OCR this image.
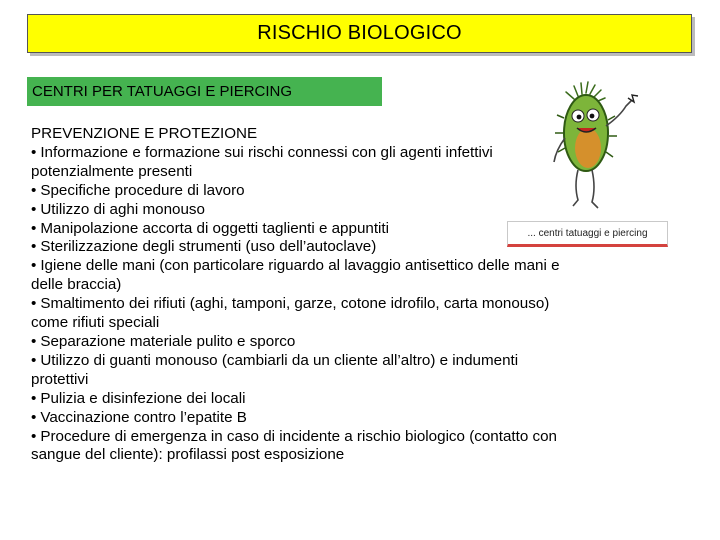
RISCHIO BIOLOGICO
CENTRI PER TATUAGGI E PIERCING

PREVENZIONE E PROTEZIONE

• Informazione e formazione sui rischi connessi con gli agenti infettivi potenzialmente presenti
• Specifiche procedure di lavoro
• Utilizzo di aghi monouso
• Manipolazione accorta di oggetti taglienti e appuntiti
• Sterilizzazione degli strumenti (uso dell’autoclave)
• Igiene delle mani (con particolare riguardo al lavaggio antisettico delle mani e delle braccia)
• Smaltimento dei rifiuti (aghi, tamponi, garze, cotone idrofilo, carta monouso) come rifiuti speciali
• Separazione materiale pulito e sporco
• Utilizzo di guanti monouso (cambiarli da un cliente all’altro) e indumenti protettivi
• Pulizia e disinfezione dei locali
• Vaccinazione contro l’epatite B
• Procedure di emergenza in caso di incidente a rischio biologico (contatto con sangue del cliente): profilassi post esposizione
... centri tatuaggi e piercing
